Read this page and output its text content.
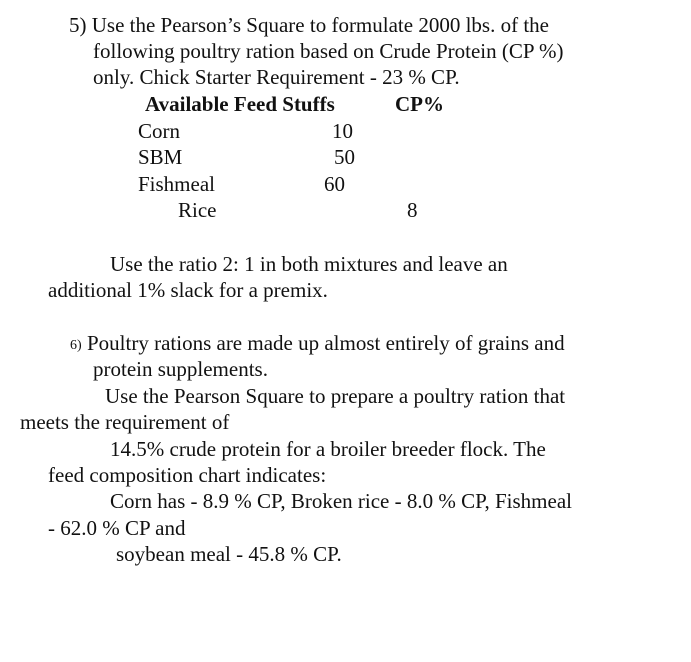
5) Use the Pearson’s Square to formulate 2000 lbs. of the

following poultry ration based on Crude Protein (CP %)

only. Chick Starter Requirement - 23 % CP.

Available Feed Stuffs	CP%

Corn	10

SBM	50

Fishmeal	60

Rice	8

Use the ratio 2: 1 in both mixtures and leave an

additional 1% slack for a premix.

6) Poultry rations are made up almost entirely of grains and

protein supplements.

Use the Pearson Square to prepare a poultry ration that

meets the requirement of

14.5% crude protein for a broiler breeder flock. The

feed composition chart indicates:

Corn has - 8.9 % CP, Broken rice - 8.0 % CP, Fishmeal

- 62.0 % CP and

soybean meal - 45.8 % CP.
